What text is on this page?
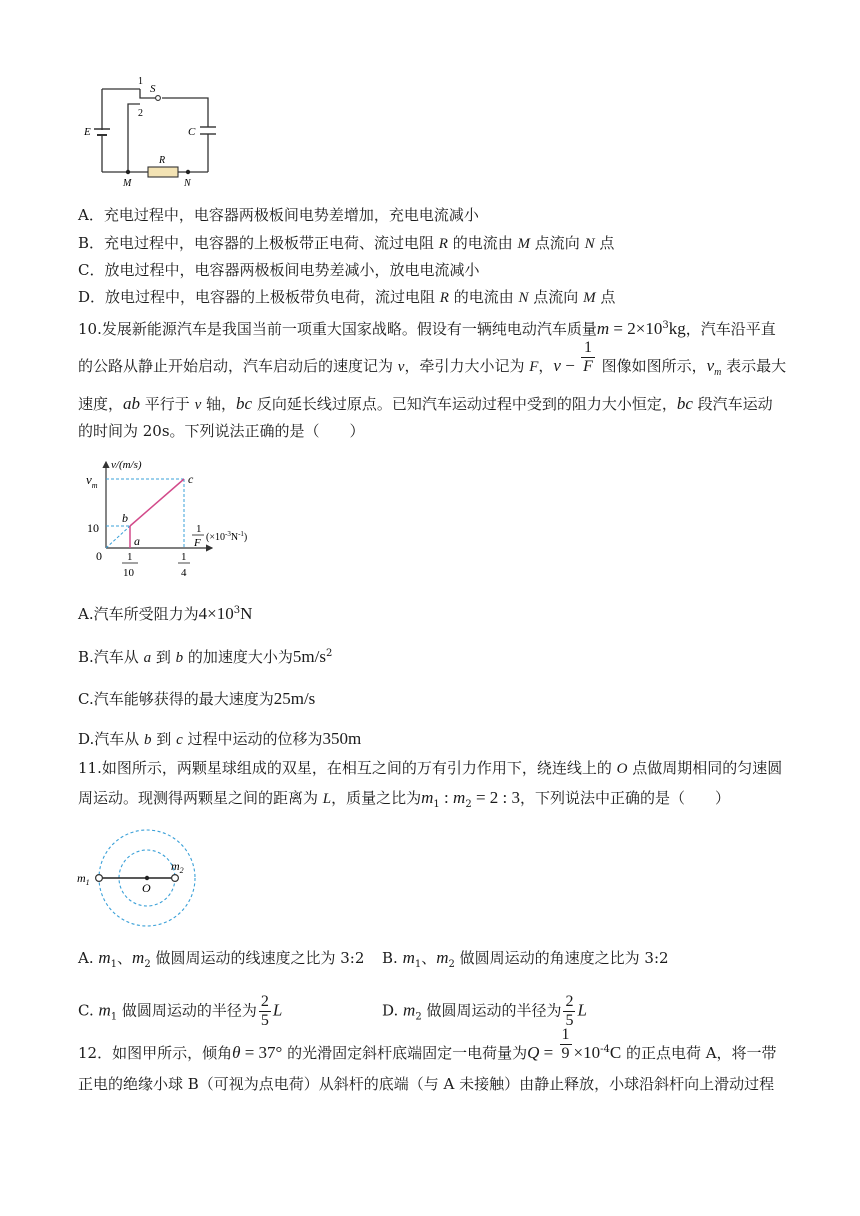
S
1
2
E	C
R
M	N
A．充电过程中，电容器两极板间电势差增加，充电电流减小
B．充电过程中，电容器的上极板带正电荷、流过电阻 R 的电流由 M 点流向 N 点
C．放电过程中，电容器两极板间电势差减小，放电电流减小
D．放电过程中，电容器的上极板带负电荷，流过电阻 R 的电流由 N 点流向 M 点
10.发展新能源汽车是我国当前一项重大国家战略。假设有一辆纯电动汽车质量$m = 2\times 10^3kg$，汽车沿平直
的公路从静止开始启动，汽车启动后的速度记为 v，牵引力大小记为 F，$v - \frac{1}{F}$ 图像如图所示，$v_m$ 表示最大
速度，ab 平行于 v 轴，bc 反向延长线过原点。已知汽车运动过程中受到的阻力大小恒定，bc 段汽车运动
的时间为 20s。下列说法正确的是（　　）
v/(m/s)
$v_m$
10
0
b
a
c
1
10
1
4
1
F $(\times 10^{-3}N^{-1})$
A.汽车所受阻力为$4\times 10^3N$
B.汽车从 a 到 b 的加速度大小为$5m/s^2$
C.汽车能够获得的最大速度为25m/s
D.汽车从 b 到 c 过程中运动的位移为350m
11.如图所示，两颗星球组成的双星，在相互之间的万有引力作用下，绕连线上的 O 点做周期相同的匀速圆
周运动。现测得两颗星之间的距离为 L，质量之比为$m_1$ : $m_2 = 2$ : 3，下列说法中正确的是（　　）
$m_1$
$m_2$
O
A. $m_1$、$m_2$ 做圆周运动的线速度之比为 3:2 B. $m_1$、$m_2$ 做圆周运动的角速度之比为 3:2
C. $m_1$ 做圆周运动的半径为 $\frac{2}{5}$ L	D. $m_2$ 做圆周运动的半径为 $\frac{2}{5}$ L
12．如图甲所示，倾角θ = 37° 的光滑固定斜杆底端固定一电荷量为$Q = \frac{1}{9} \times 10^{-4}C$ 的正点电荷 A，将一带
正电的绝缘小球 B（可视为点电荷）从斜杆的底端（与 A 未接触）由静止释放，小球沿斜杆向上滑动过程
